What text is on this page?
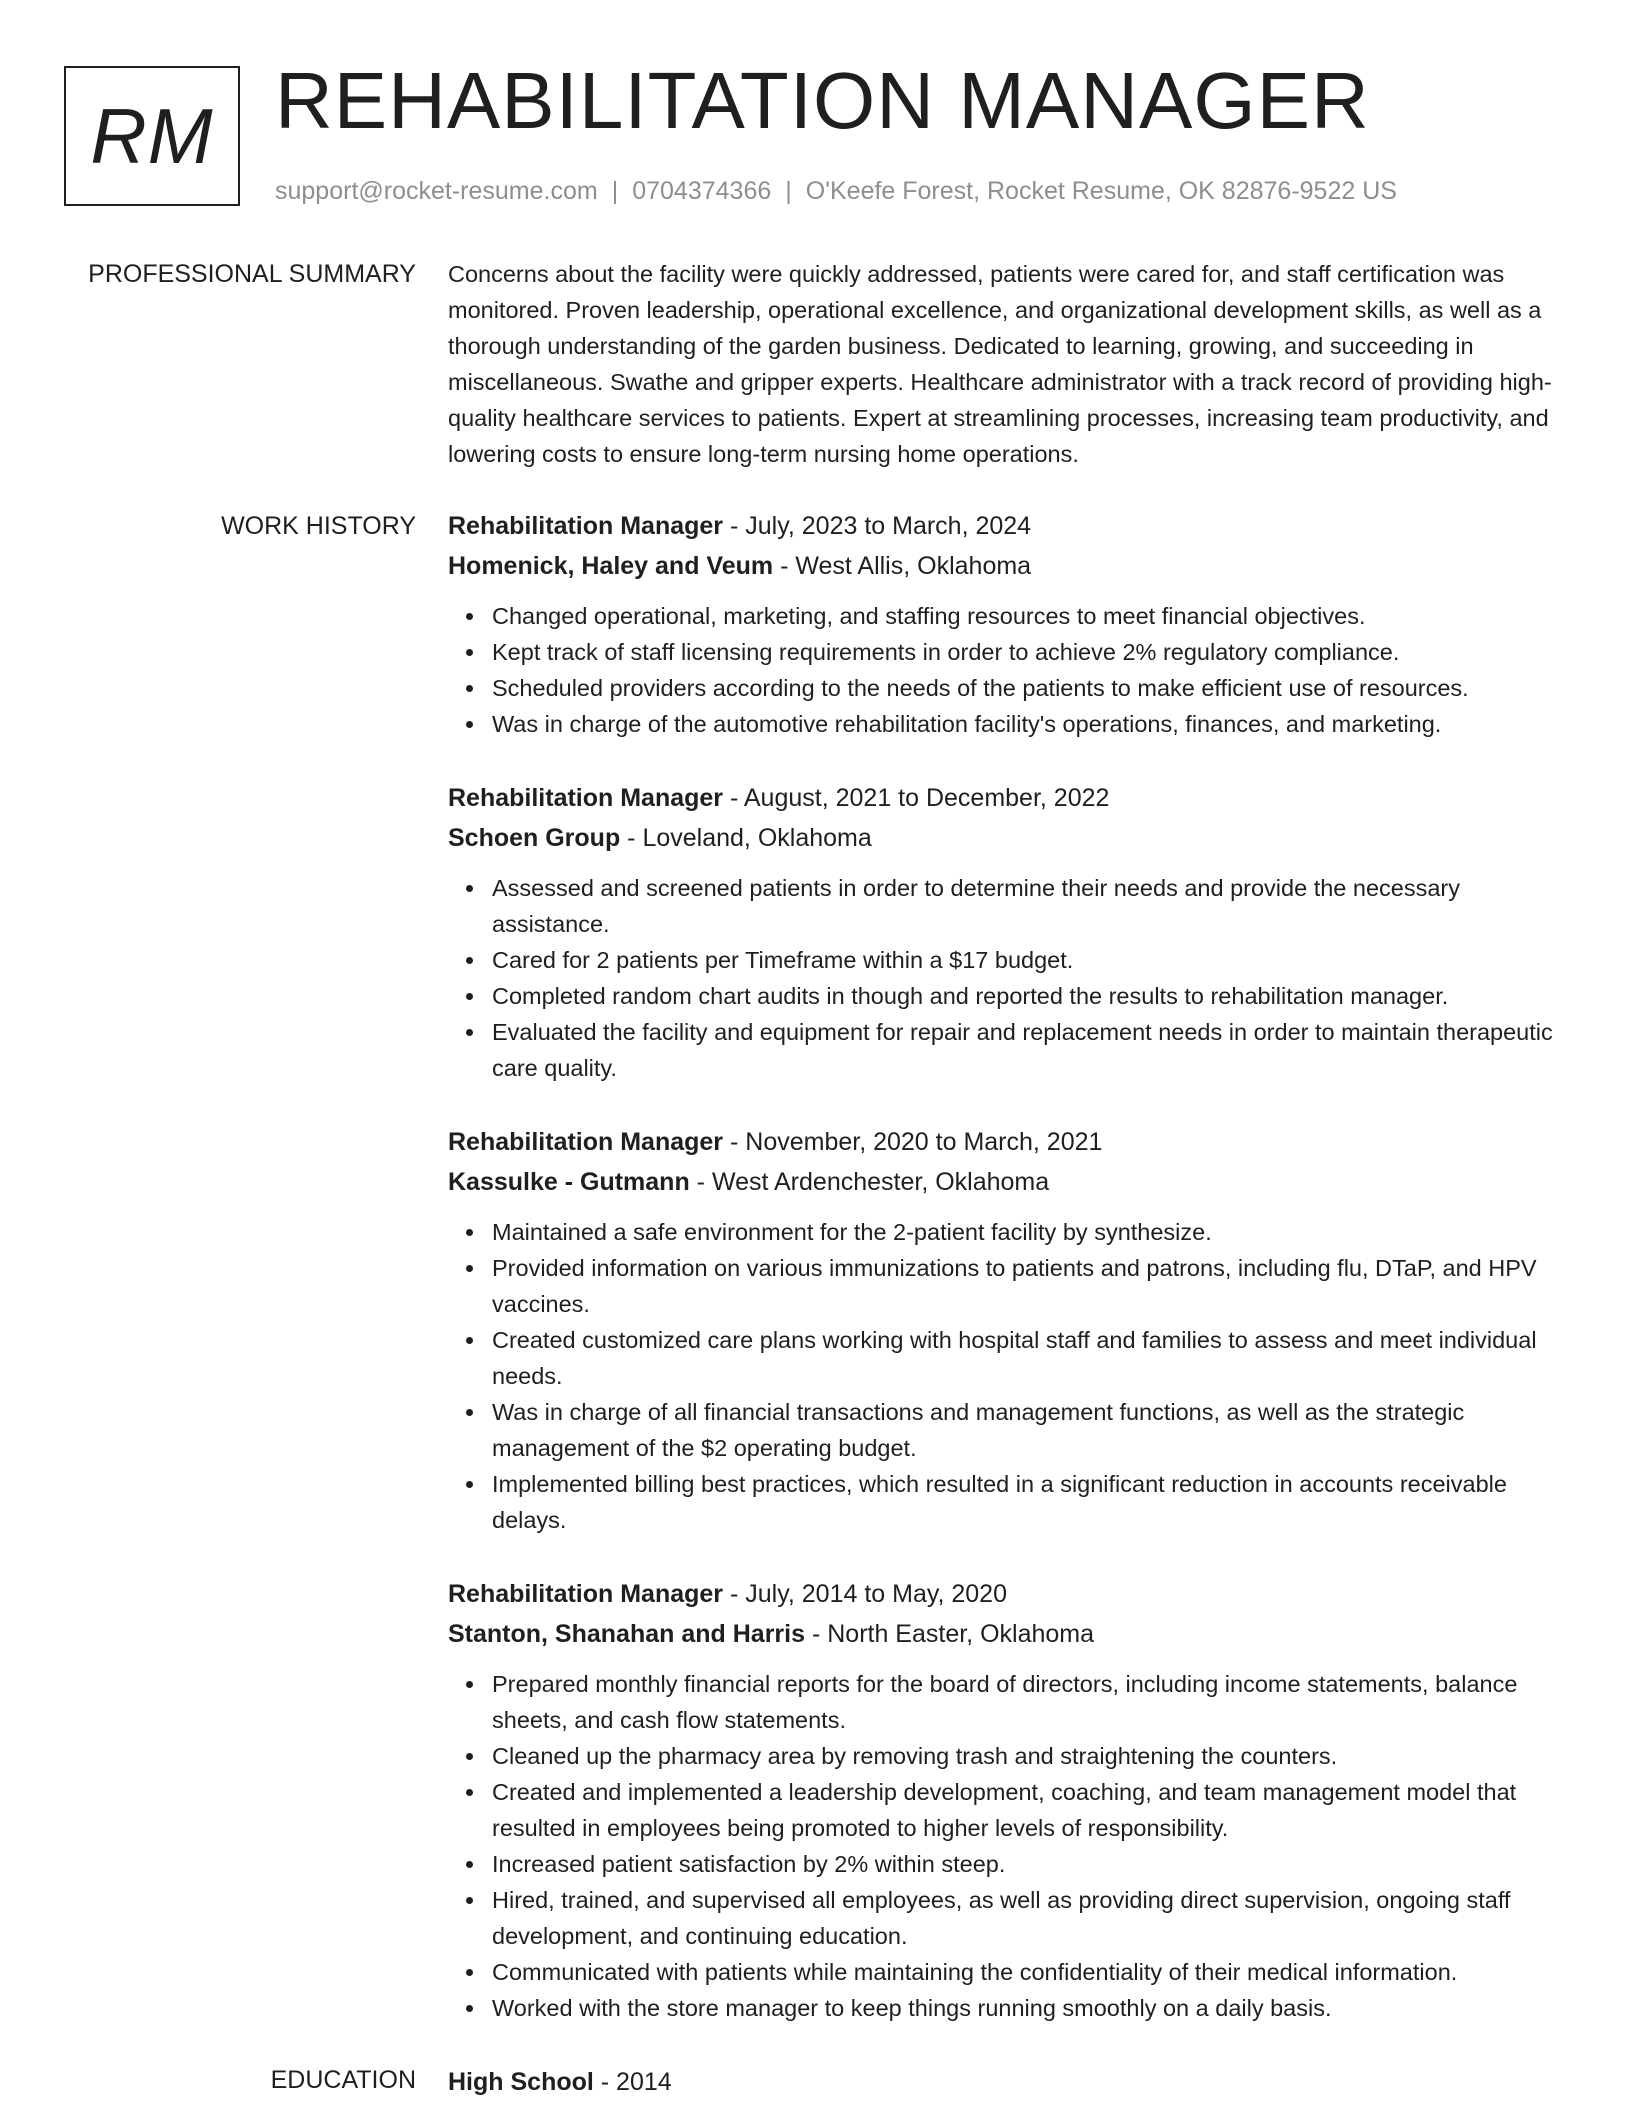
RM REHABILITATION MANAGER
support@rocket-resume.com | 0704374366 | O'Keefe Forest, Rocket Resume, OK 82876-9522 US
PROFESSIONAL SUMMARY Concerns about the facility were quickly addressed, patients were cared for, and staff certification was monitored. Proven leadership, operational excellence, and organizational development skills, as well as a thorough understanding of the garden business. Dedicated to learning, growing, and succeeding in miscellaneous. Swathe and gripper experts. Healthcare administrator with a track record of providing high-quality healthcare services to patients. Expert at streamlining processes, increasing team productivity, and lowering costs to ensure long-term nursing home operations.

WORK HISTORY Rehabilitation Manager - July, 2023 to March, 2024
Homenick, Haley and Veum - West Allis, Oklahoma
Changed operational, marketing, and staffing resources to meet financial objectives.
Kept track of staff licensing requirements in order to achieve 2% regulatory compliance.
Scheduled providers according to the needs of the patients to make efficient use of resources.
Was in charge of the automotive rehabilitation facility's operations, finances, and marketing.
Rehabilitation Manager - August, 2021 to December, 2022
Schoen Group - Loveland, Oklahoma
Assessed and screened patients in order to determine their needs and provide the necessary assistance.
Cared for 2 patients per Timeframe within a $17 budget.
Completed random chart audits in though and reported the results to rehabilitation manager.
Evaluated the facility and equipment for repair and replacement needs in order to maintain therapeutic care quality.
Rehabilitation Manager - November, 2020 to March, 2021
Kassulke - Gutmann - West Ardenchester, Oklahoma
Maintained a safe environment for the 2-patient facility by synthesize.
Provided information on various immunizations to patients and patrons, including flu, DTaP, and HPV vaccines.
Created customized care plans working with hospital staff and families to assess and meet individual needs.
Was in charge of all financial transactions and management functions, as well as the strategic management of the $2 operating budget.
Implemented billing best practices, which resulted in a significant reduction in accounts receivable delays.
Rehabilitation Manager - July, 2014 to May, 2020
Stanton, Shanahan and Harris - North Easter, Oklahoma
Prepared monthly financial reports for the board of directors, including income statements, balance sheets, and cash flow statements.
Cleaned up the pharmacy area by removing trash and straightening the counters.
Created and implemented a leadership development, coaching, and team management model that resulted in employees being promoted to higher levels of responsibility.
Increased patient satisfaction by 2% within steep.
Hired, trained, and supervised all employees, as well as providing direct supervision, ongoing staff development, and continuing education.
Communicated with patients while maintaining the confidentiality of their medical information.
Worked with the store manager to keep things running smoothly on a daily basis.
EDUCATION High School - 2014
